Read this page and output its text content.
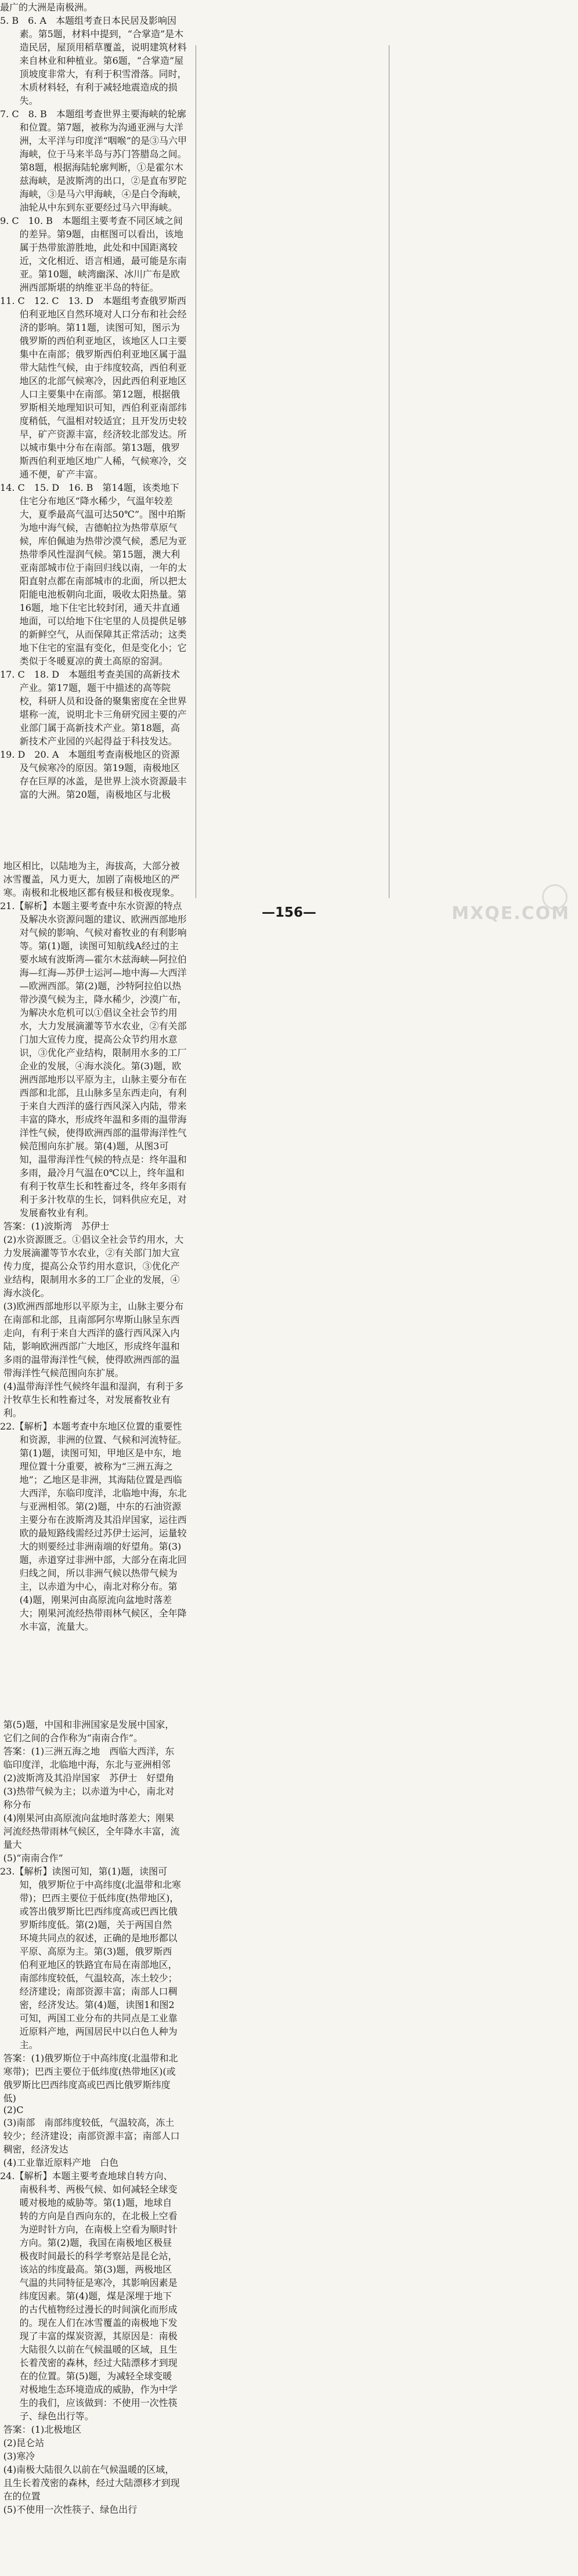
最广的大洲是南极洲。

5. B　6. A　本题组考查日本民居及影响因素。第5题，材料中提到，“合掌造”是木造民居，屋顶用稻草覆盖，说明建筑材料来自林业和种植业。第6题，“合掌造”屋顶坡度非常大，有利于积雪滑落。同时，木质材料轻，有利于减轻地震造成的损失。

7. C　8. B　本题组考查世界主要海峡的轮廓和位置。第7题，被称为沟通亚洲与大洋洲，太平洋与印度洋“咽喉”的是③马六甲海峡，位于马来半岛与苏门答腊岛之间。第8题，根据海陆轮廓判断，①是霍尔木兹海峡，是波斯湾的出口，②是直布罗陀海峡，③是马六甲海峡，④是白令海峡，油轮从中东到东亚要经过马六甲海峡。

9. C　10. B　本题组主要考查不同区域之间的差异。第9题，由框图可以看出，该地属于热带旅游胜地，此处和中国距离较近，文化相近、语言相通，最可能是东南亚。第10题，峡湾幽深、冰川广布是欧洲西部斯堪的纳维亚半岛的特征。

11. C　12. C　13. D　本题组考查俄罗斯西伯利亚地区自然环境对人口分布和社会经济的影响。第11题，读图可知，图示为俄罗斯的西伯利亚地区，该地区人口主要集中在南部；俄罗斯西伯利亚地区属于温带大陆性气候，由于纬度较高，西伯利亚地区的北部气候寒冷，因此西伯利亚地区人口主要集中在南部。第12题，根据俄罗斯相关地理知识可知，西伯利亚南部纬度稍低，气温相对较适宜；且开发历史较早，矿产资源丰富，经济较北部发达。所以城市集中分布在南部。第13题，俄罗斯西伯利亚地区地广人稀，气候寒冷，交通不便，矿产丰富。

14. C　15. D　16. B　第14题，该类地下住宅分布地区“降水稀少，气温年较差大，夏季最高气温可达50℃”。图中珀斯为地中海气候，吉德帕拉为热带草原气候，库伯佩迪为热带沙漠气候，悉尼为亚热带季风性湿润气候。第15题，澳大利亚南部城市位于南回归线以南，一年的太阳直射点都在南部城市的北面，所以把太阳能电池板朝向北面，吸收太阳热量。第16题，地下住宅比较封闭，通天井直通地面，可以给地下住宅里的人员提供足够的新鲜空气，从而保障其正常活动；这类地下住宅的室温有变化，但是变化小；它类似于冬暖夏凉的黄土高原的窑洞。

17. C　18. D　本题组考查美国的高新技术产业。第17题，题干中描述的高等院校，科研人员和设备的聚集密度在全世界堪称一流，说明北卡三角研究园主要的产业部门属于高新技术产业。第18题，高新技术产业园的兴起得益于科技发达。

19. D　20. A　本题组考查南极地区的资源及气候寒冷的原因。第19题，南极地区存在巨厚的冰盖，是世界上淡水资源最丰富的大洲。第20题，南极地区与北极

地区相比，以陆地为主，海拔高，大部分被冰雪覆盖，风力更大，加剧了南极地区的严寒。南极和北极地区都有极昼和极夜现象。

21.【解析】本题主要考查中东水资源的特点及解决水资源问题的建议、欧洲西部地形对气候的影响、气候对畜牧业的有利影响等。第(1)题，读图可知航线A经过的主要水域有波斯湾—霍尔木兹海峡—阿拉伯海—红海—苏伊士运河—地中海—大西洋—欧洲西部。第(2)题，沙特阿拉伯以热带沙漠气候为主，降水稀少，沙漠广布，为解决水危机可以①倡议全社会节约用水，大力发展滴灌等节水农业，②有关部门加大宣传力度，提高公众节约用水意识，③优化产业结构，限制用水多的工厂企业的发展，④海水淡化。第(3)题，欧洲西部地形以平原为主，山脉主要分布在西部和北部，且山脉多呈东西走向，有利于来自大西洋的盛行西风深入内陆，带来丰富的降水，形成终年温和多雨的温带海洋性气候，使得欧洲西部的温带海洋性气候范围向东扩展。第(4)题，从图3可知，温带海洋性气候的特点是：终年温和多雨，最冷月气温在0℃以上，终年温和有利于牧草生长和牲畜过冬，终年多雨有利于多汁牧草的生长，饲料供应充足，对发展畜牧业有利。

答案：(1)波斯湾　苏伊士

(2)水资源匮乏。①倡议全社会节约用水，大力发展滴灌等节水农业，②有关部门加大宣传力度，提高公众节约用水意识，③优化产业结构，限制用水多的工厂企业的发展，④海水淡化。

(3)欧洲西部地形以平原为主，山脉主要分布在南部和北部，且南部阿尔卑斯山脉呈东西走向，有利于来自大西洋的盛行西风深入内陆，影响欧洲西部广大地区，形成终年温和多雨的温带海洋性气候，使得欧洲西部的温带海洋性气候范围向东扩展。

(4)温带海洋性气候终年温和湿润，有利于多汁牧草生长和牲畜过冬，对发展畜牧业有利。

22.【解析】本题考查中东地区位置的重要性和资源，非洲的位置、气候和河流特征。第(1)题，读图可知，甲地区是中东，地理位置十分重要，被称为“三洲五海之地”；乙地区是非洲，其海陆位置是西临大西洋，东临印度洋，北临地中海，东北与亚洲相邻。第(2)题，中东的石油资源主要分布在波斯湾及其沿岸国家，运往西欧的最短路线需经过苏伊士运河，运量较大的则要经过非洲南端的好望角。第(3)题，赤道穿过非洲中部，大部分在南北回归线之间，所以非洲气候以热带气候为主，以赤道为中心，南北对称分布。第(4)题，刚果河由高原流向盆地时落差大；刚果河流经热带雨林气候区，全年降水丰富，流量大。

第(5)题，中国和非洲国家是发展中国家，它们之间的合作称为“南南合作”。

答案：(1)三洲五海之地　西临大西洋，东临印度洋，北临地中海，东北与亚洲相邻

(2)波斯湾及其沿岸国家　苏伊士　好望角

(3)热带气候为主；以赤道为中心，南北对称分布

(4)刚果河由高原流向盆地时落差大；刚果河流经热带雨林气候区，全年降水丰富，流量大

(5)“南南合作”

23.【解析】读图可知，第(1)题，读图可知，俄罗斯位于中高纬度(北温带和北寒带)；巴西主要位于低纬度(热带地区)，或答出俄罗斯比巴西纬度高或巴西比俄罗斯纬度低。第(2)题，关于两国自然环境共同点的叙述，正确的是地形都以平原、高原为主。第(3)题，俄罗斯西伯利亚地区的铁路宜布局在南部地区，南部纬度较低，气温较高，冻土较少；经济建设；南部资源丰富；南部人口稠密，经济发达。第(4)题，读图1和图2可知，两国工业分布的共同点是工业靠近原料产地，两国居民中以白色人种为主。

答案：(1)俄罗斯位于中高纬度(北温带和北寒带)；巴西主要位于低纬度(热带地区)(或俄罗斯比巴西纬度高或巴西比俄罗斯纬度低)

(2)C

(3)南部　南部纬度较低，气温较高，冻土较少；经济建设；南部资源丰富；南部人口稠密，经济发达

(4)工业靠近原料产地　白色

24.【解析】本题主要考查地球自转方向、南极科考、两极气候、如何减轻全球变暖对极地的威胁等。第(1)题，地球自转的方向是自西向东的，在北极上空看为逆时针方向，在南极上空看为顺时针方向。第(2)题，我国在南极地区极昼极夜时间最长的科学考察站是昆仑站，该站的纬度最高。第(3)题，两极地区气温的共同特征是寒冷，其影响因素是纬度因素。第(4)题，煤是深埋于地下的古代植物经过漫长的时间演化而形成的。现在人们在冰雪覆盖的南极地下发现了丰富的煤炭资源，其原因是：南极大陆很久以前在气候温暖的区域，且生长着茂密的森林，经过大陆漂移才到现在的位置。第(5)题，为减轻全球变暖对极地生态环境造成的威胁，作为中学生的我们，应该做到：不使用一次性筷子、绿色出行等。

答案：(1)北极地区

(2)昆仑站

(3)寒冷

(4)南极大陆很久以前在气候温暖的区域，且生长着茂密的森林，经过大陆漂移才到现在的位置

(5)不使用一次性筷子、绿色出行

—156—	MXQE.COM
